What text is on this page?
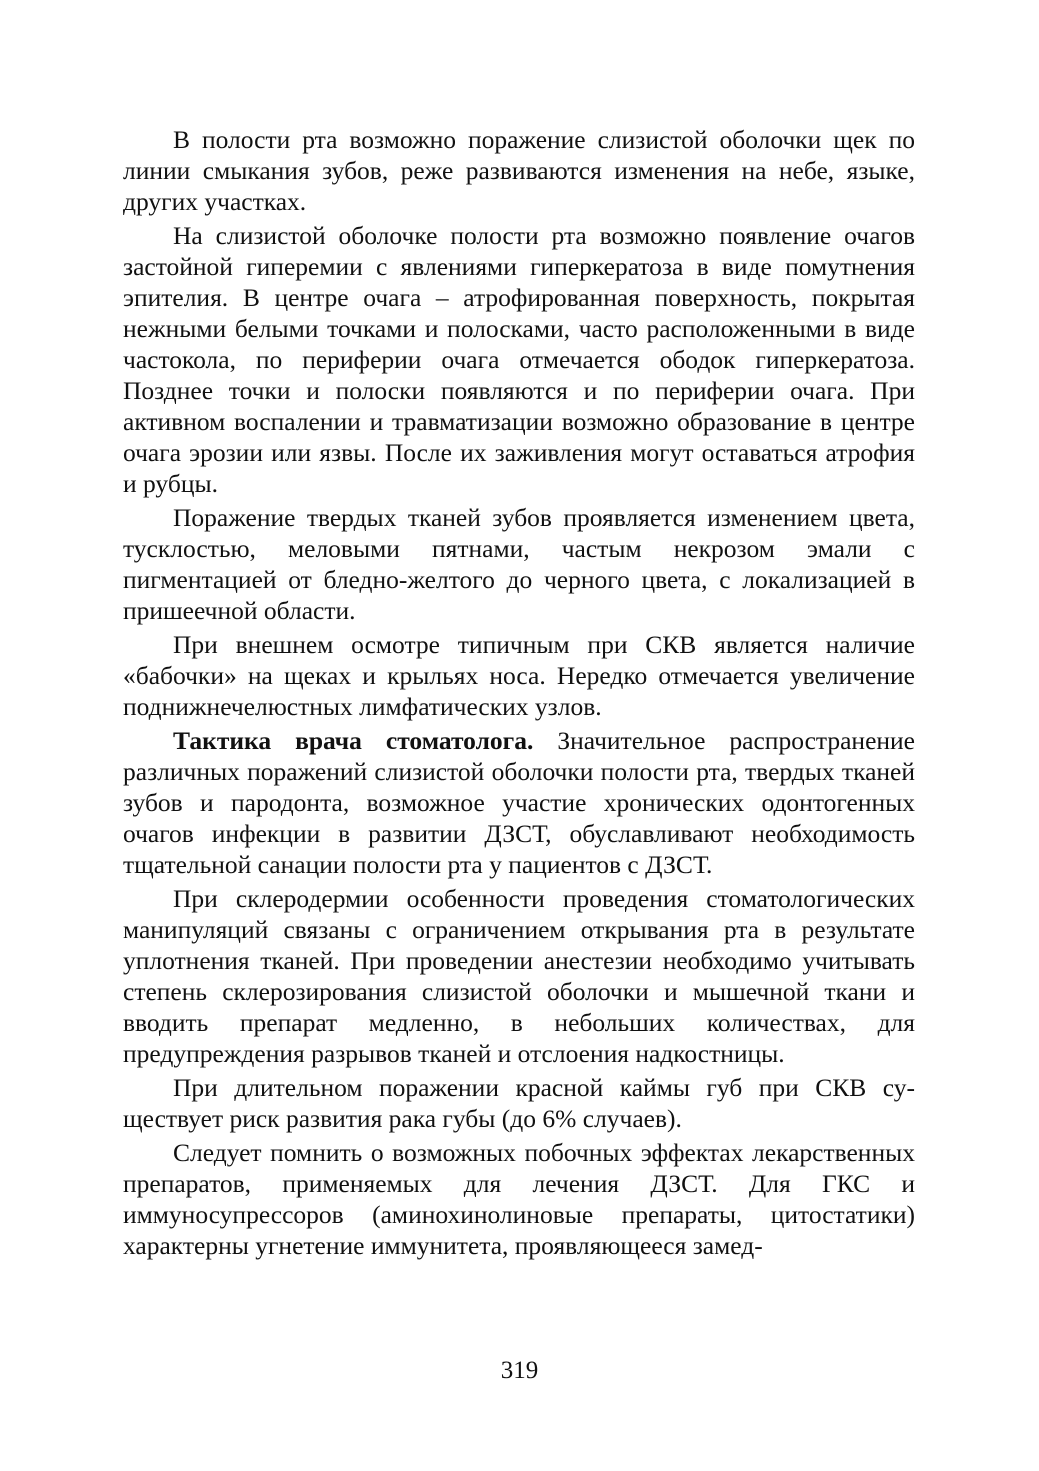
В полости рта возможно поражение слизистой оболочки щек по линии смыкания зубов, реже развиваются изменения на небе, языке, других участках.

На слизистой оболочке полости рта возможно появление очагов застойной гиперемии с явлениями гиперкератоза в виде помутнения эпителия. В центре очага – атрофированная поверхность, покрытая нежными белыми точками и полосками, часто расположенными в виде частокола, по периферии очага отмечается ободок гиперкератоза. Позднее точки и полоски появляются и по периферии очага. При активном воспалении и травматизации возможно образование в центре очага эрозии или язвы. После их заживления могут оставаться атрофия и рубцы.

Поражение твердых тканей зубов проявляется изменением цвета, тусклостью, меловыми пятнами, частым некрозом эмали с пигментацией от бледно-желтого до черного цвета, с локализацией в пришеечной области.

При внешнем осмотре типичным при СКВ является наличие «бабочки» на щеках и крыльях носа. Нередко отмечается увеличение поднижнечелюстных лимфатических узлов.

Тактика врача стоматолога. Значительное распространение различных поражений слизистой оболочки полости рта, твердых тканей зубов и пародонта, возможное участие хронических одонтогенных очагов инфекции в развитии ДЗСТ, обуславливают необходимость тщательной санации полости рта у пациентов с ДЗСТ.

При склеродермии особенности проведения стоматологических манипуляций связаны с ограничением открывания рта в результате уплотнения тканей. При проведении анестезии необходимо учитывать степень склерозирования слизистой оболочки и мышечной ткани и вводить препарат медленно, в небольших количествах, для предупреждения разрывов тканей и отслоения надкостницы.

При длительном поражении красной каймы губ при СКВ существует риск развития рака губы (до 6% случаев).

Следует помнить о возможных побочных эффектах лекарственных препаратов, применяемых для лечения ДЗСТ. Для ГКС и иммуносупрессоров (аминохинолиновые препараты, цитостатики) характерны угнетение иммунитета, проявляющееся замед-

319
